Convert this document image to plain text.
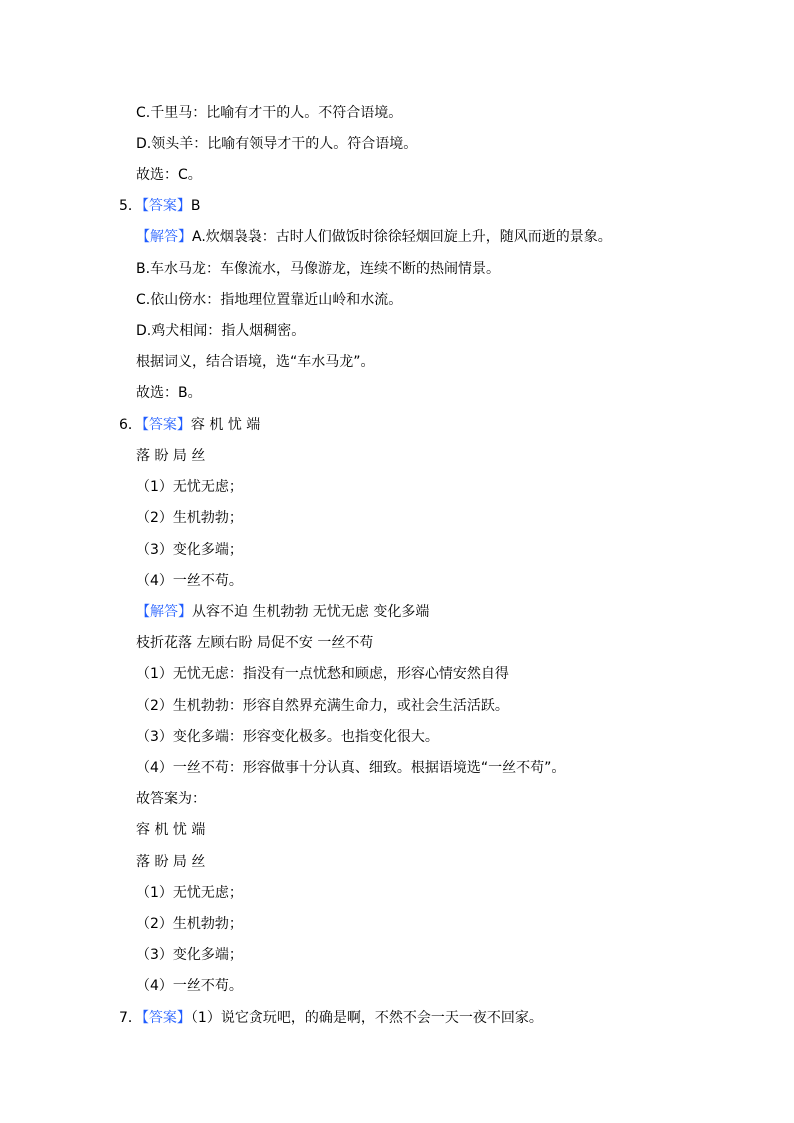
C.千里马：比喻有才干的人。不符合语境。
D.领头羊：比喻有领导才干的人。符合语境。
故选：C。
5．【答案】B
【解答】A.炊烟袅袅：古时人们做饭时徐徐轻烟回旋上升，随风而逝的景象。
B.车水马龙：车像流水，马像游龙，连续不断的热闹情景。
C.依山傍水：指地理位置靠近山岭和水流。
D.鸡犬相闻：指人烟稠密。
根据词义，结合语境，选“车水马龙”。
故选：B。
6．【答案】容 机 忧 端
落 盼 局 丝
（1）无忧无虑；
（2）生机勃勃；
（3）变化多端；
（4）一丝不苟。
【解答】从容不迫 生机勃勃 无忧无虑 变化多端
枝折花落 左顾右盼 局促不安 一丝不苟
（1）无忧无虑：指没有一点忧愁和顾虑，形容心情安然自得
（2）生机勃勃：形容自然界充满生命力，或社会生活活跃。
（3）变化多端：形容变化极多。也指变化很大。
（4）一丝不苟：形容做事十分认真、细致。根据语境选“一丝不苟”。
故答案为：
容 机 忧 端
落 盼 局 丝
（1）无忧无虑；
（2）生机勃勃；
（3）变化多端；
（4）一丝不苟。
7．【答案】（1）说它贪玩吧，的确是啊，不然不会一天一夜不回家。
